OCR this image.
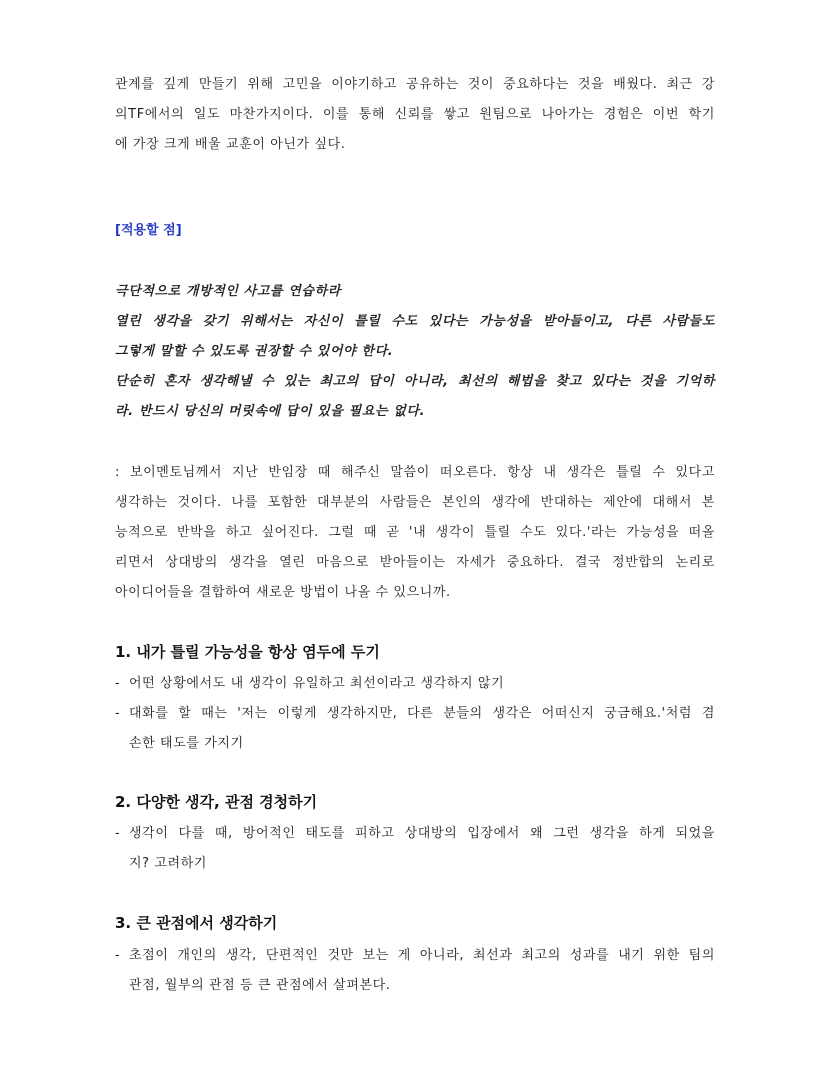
관계를 깊게 만들기 위해 고민을 이야기하고 공유하는 것이 중요하다는 것을 배웠다. 최근 강
의TF에서의 일도 마찬가지이다. 이를 통해 신뢰를 쌓고 원팀으로 나아가는 경험은 이번 학기
에 가장 크게 배울 교훈이 아닌가 싶다.
[적용할 점]
극단적으로 개방적인 사고를 연습하라
열린 생각을 갖기 위해서는 자신이 틀릴 수도 있다는 가능성을 받아들이고, 다른 사람들도
그렇게 말할 수 있도록 권장할 수 있어야 한다.
단순히 혼자 생각해낼 수 있는 최고의 답이 아니라, 최선의 해법을 찾고 있다는 것을 기억하
라. 반드시 당신의 머릿속에 답이 있을 필요는 없다.
: 보이멘토님께서 지난 반임장 때 해주신 말씀이 떠오른다. 항상 내 생각은 틀릴 수 있다고
생각하는 것이다. 나를 포함한 대부분의 사람들은 본인의 생각에 반대하는 제안에 대해서 본
능적으로 반박을 하고 싶어진다. 그럴 때 곧 '내 생각이 틀릴 수도 있다.'라는 가능성을 떠올
리면서 상대방의 생각을 열린 마음으로 받아들이는 자세가 중요하다. 결국 정반합의 논리로
아이디어들을 결합하여 새로운 방법이 나올 수 있으니까.
1. 내가 틀릴 가능성을 항상 염두에 두기
- 어떤 상황에서도 내 생각이 유일하고 최선이라고 생각하지 않기
- 대화를 할 때는 '저는 이렇게 생각하지만, 다른 분들의 생각은 어떠신지 궁금해요.'처럼 겸
손한 태도를 가지기
2. 다양한 생각, 관점 경청하기
- 생각이 다를 때, 방어적인 태도를 피하고 상대방의 입장에서 왜 그런 생각을 하게 되었을
지? 고려하기
3. 큰 관점에서 생각하기
- 초점이 개인의 생각, 단편적인 것만 보는 게 아니라, 최선과 최고의 성과를 내기 위한 팀의
관점, 월부의 관점 등 큰 관점에서 살펴본다.
